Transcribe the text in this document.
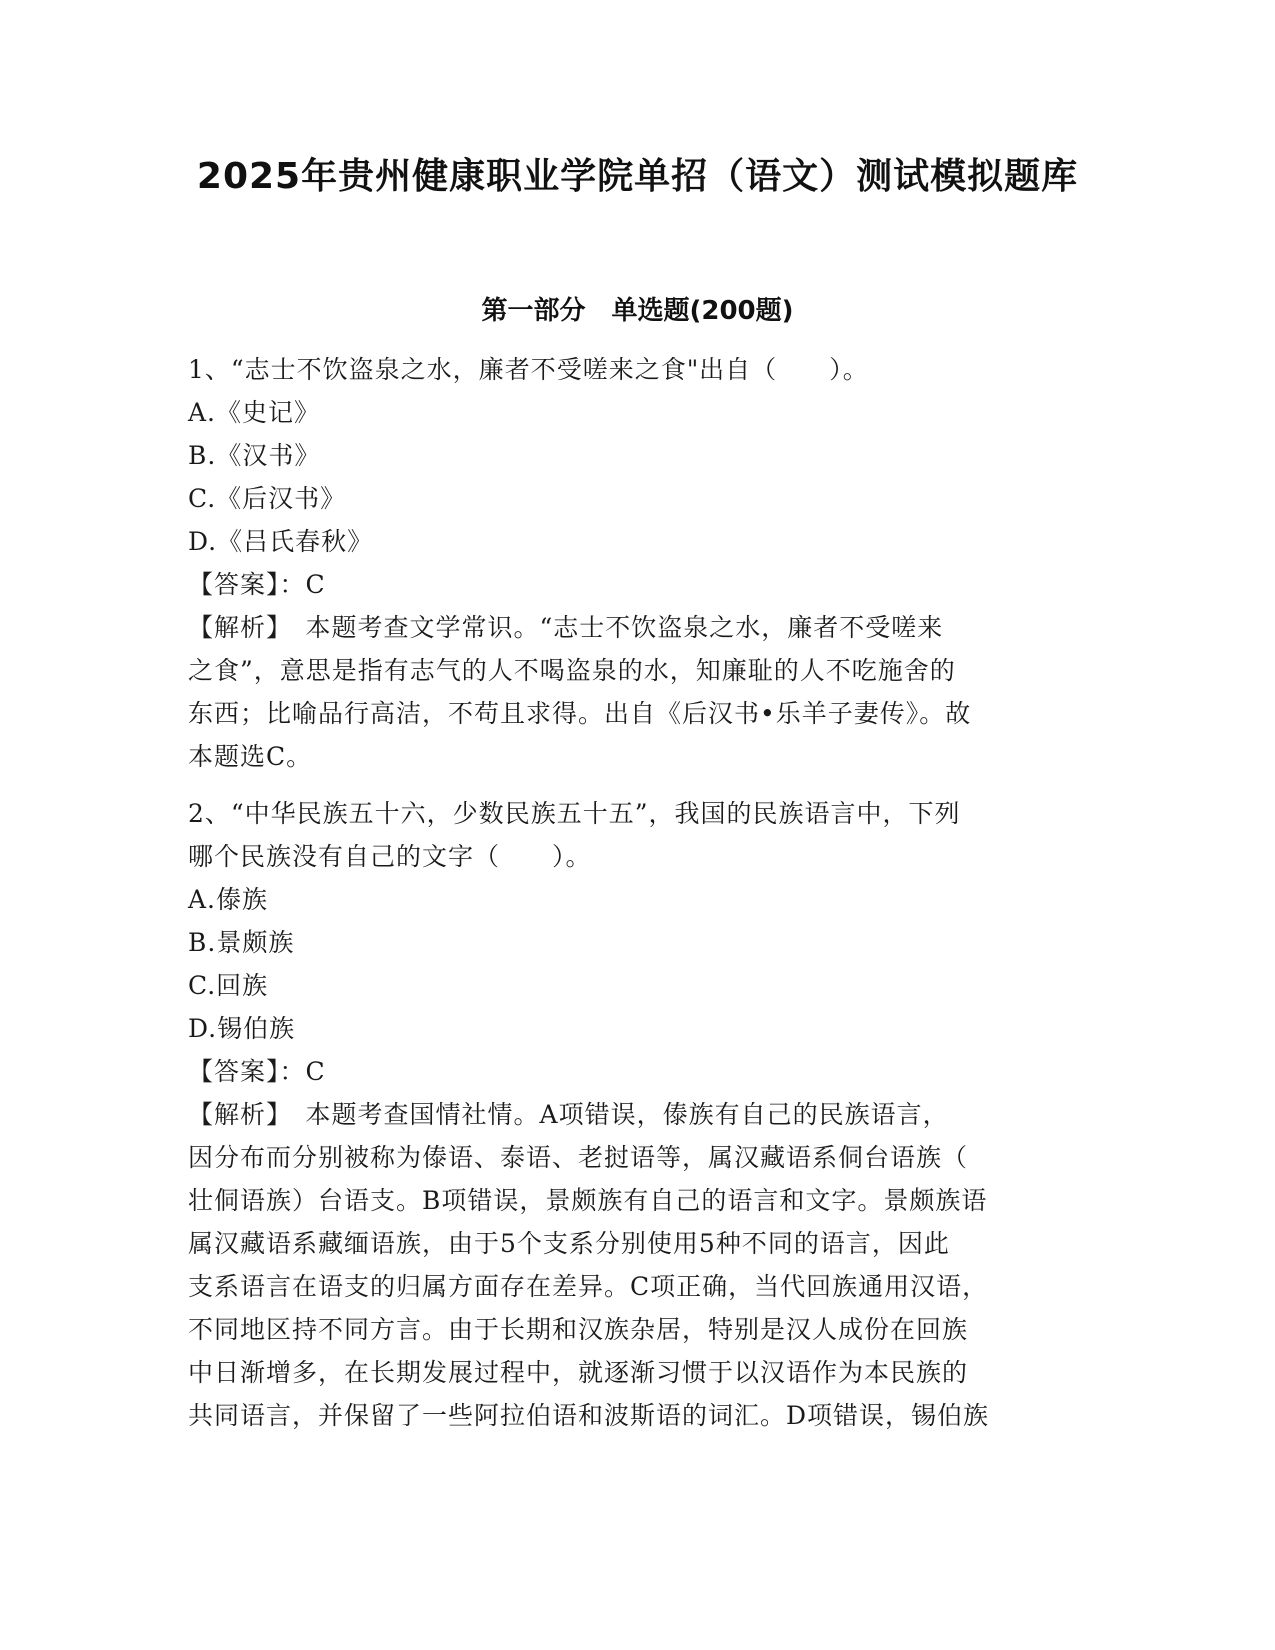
2025年贵州健康职业学院单招（语文）测试模拟题库
第一部分　单选题(200题)
1、“志士不饮盗泉之水，廉者不受嗟来之食"出自（　　）。
A.《史记》
B.《汉书》
C.《后汉书》
D.《吕氏春秋》
【答案】：C
【解析】　本题考查文学常识。“志士不饮盗泉之水，廉者不受嗟来
之食”，意思是指有志气的人不喝盗泉的水，知廉耻的人不吃施舍的
东西；比喻品行高洁，不苟且求得。出自《后汉书•乐羊子妻传》。故
本题选C。
2、“中华民族五十六，少数民族五十五”，我国的民族语言中，下列
哪个民族没有自己的文字（　　）。
A.傣族
B.景颇族
C.回族
D.锡伯族
【答案】：C
【解析】　本题考查国情社情。A项错误，傣族有自己的民族语言，
因分布而分别被称为傣语、泰语、老挝语等，属汉藏语系侗台语族（
壮侗语族）台语支。B项错误，景颇族有自己的语言和文字。景颇族语
属汉藏语系藏缅语族，由于5个支系分别使用5种不同的语言，因此
支系语言在语支的归属方面存在差异。C项正确，当代回族通用汉语，
不同地区持不同方言。由于长期和汉族杂居，特别是汉人成份在回族
中日渐增多，在长期发展过程中，就逐渐习惯于以汉语作为本民族的
共同语言，并保留了一些阿拉伯语和波斯语的词汇。D项错误，锡伯族
